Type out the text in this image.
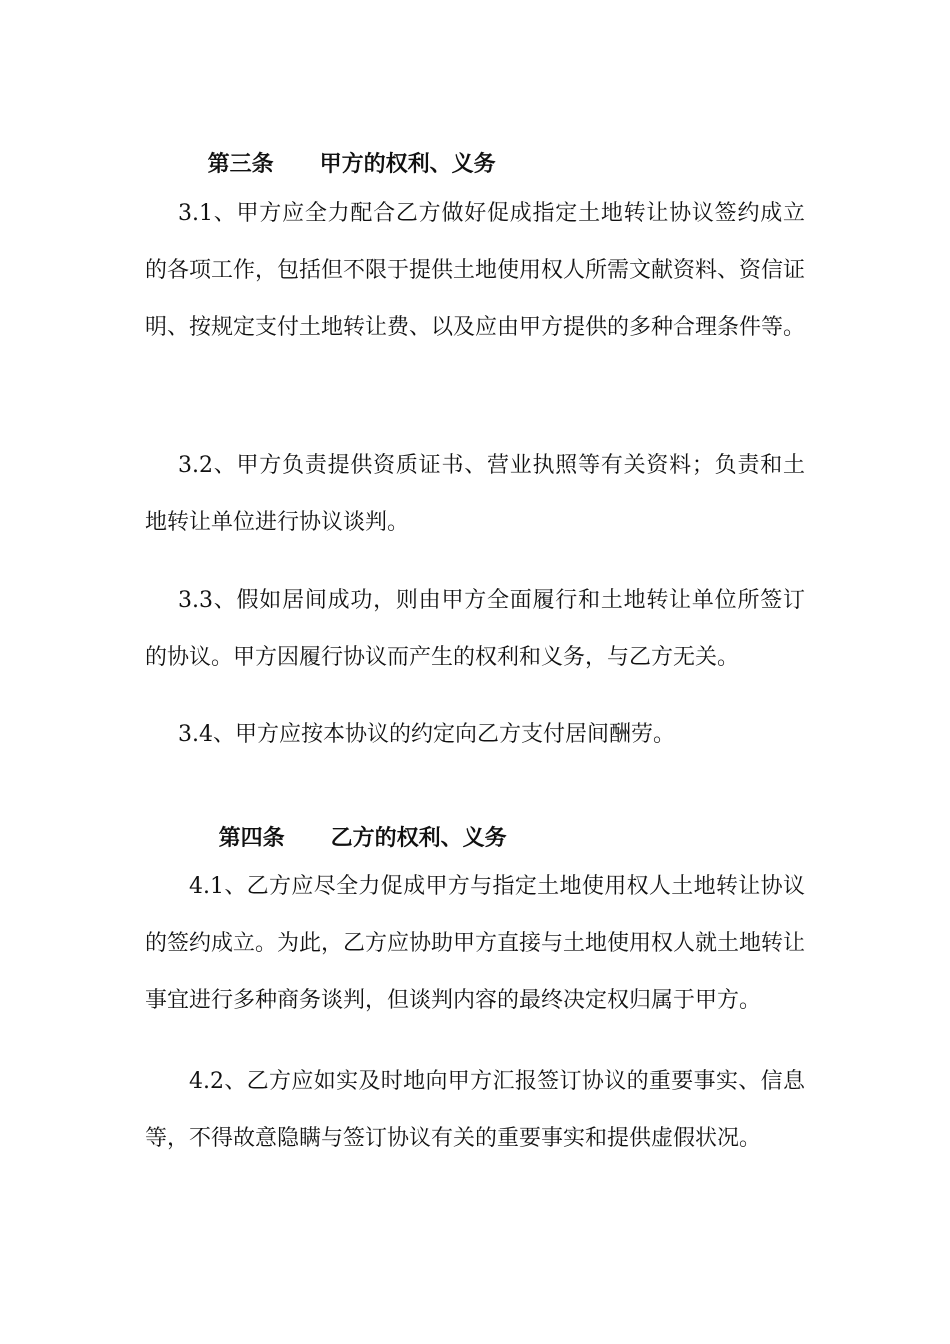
第三条 甲方的权利、义务

3.1、甲方应全力配合乙方做好促成指定土地转让协议签约成立的各项工作，包括但不限于提供土地使用权人所需文献资料、资信证明、按规定支付土地转让费、以及应由甲方提供的多种合理条件等。

3.2、甲方负责提供资质证书、营业执照等有关资料；负责和土地转让单位进行协议谈判。

3.3、假如居间成功，则由甲方全面履行和土地转让单位所签订的协议。甲方因履行协议而产生的权利和义务，与乙方无关。

3.4、甲方应按本协议的约定向乙方支付居间酬劳。

第四条 乙方的权利、义务

4.1、乙方应尽全力促成甲方与指定土地使用权人土地转让协议的签约成立。为此，乙方应协助甲方直接与土地使用权人就土地转让事宜进行多种商务谈判，但谈判内容的最终决定权归属于甲方。

4.2、乙方应如实及时地向甲方汇报签订协议的重要事实、信息等，不得故意隐瞒与签订协议有关的重要事实和提供虚假状况。
